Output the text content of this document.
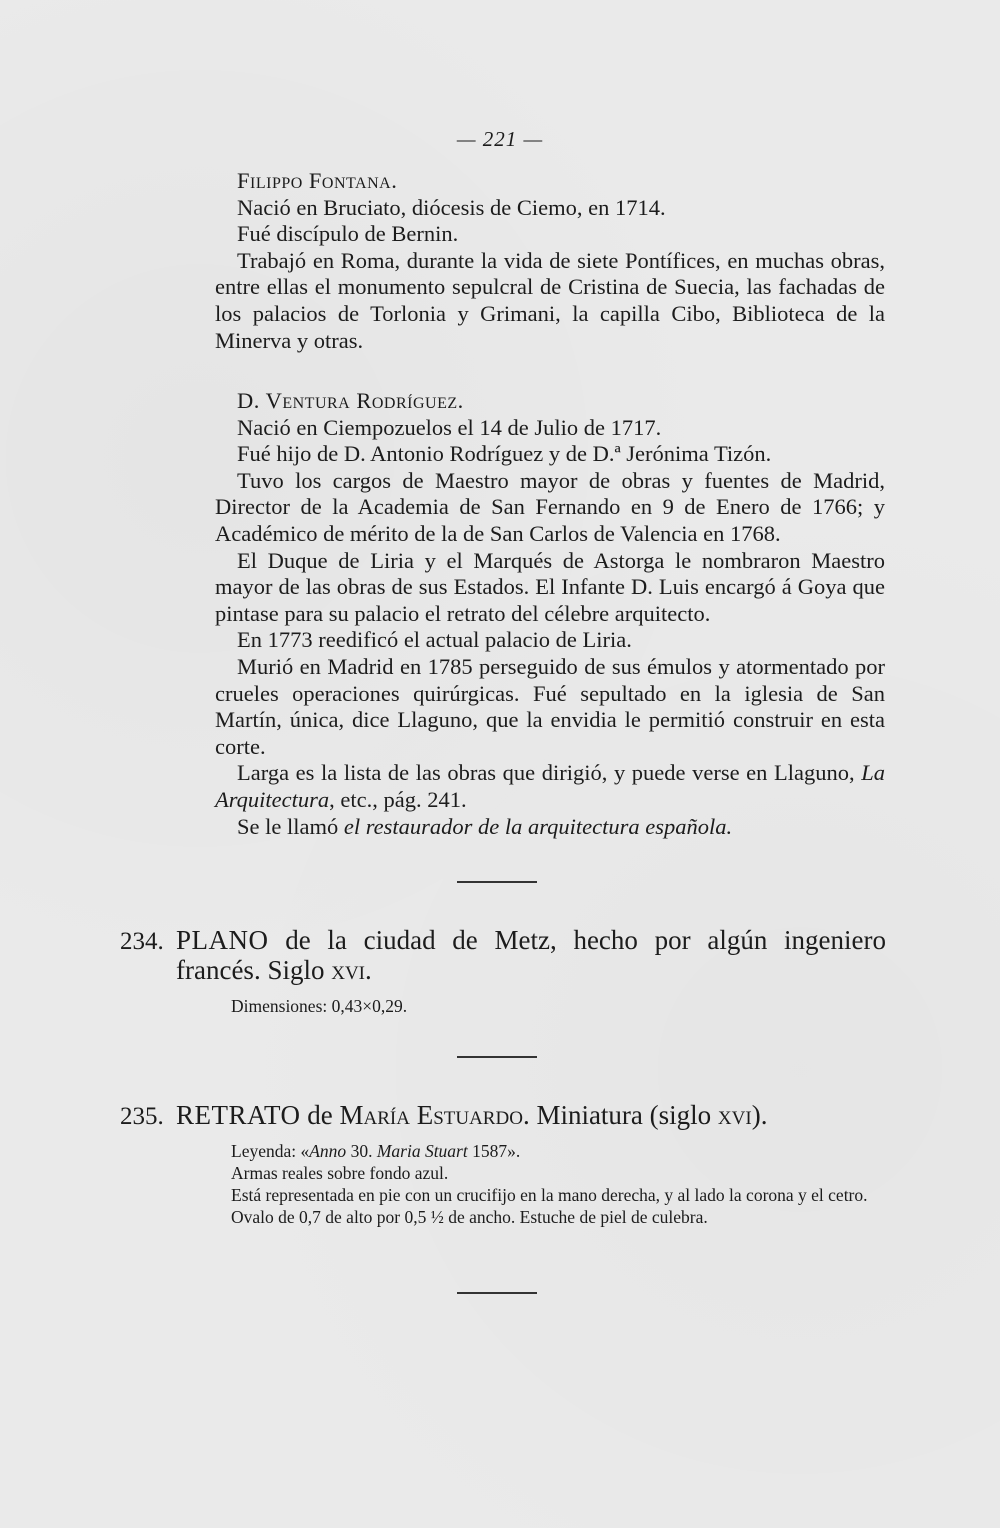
— 221 —

Filippo Fontana.

Nació en Bruciato, diócesis de Ciemo, en 1714.

Fué discípulo de Bernin.

Trabajó en Roma, durante la vida de siete Pontífices, en muchas obras, entre ellas el monumento sepulcral de Cristina de Suecia, las fachadas de los palacios de Torlonia y Grimani, la capilla Cibo, Biblioteca de la Minerva y otras.

D. Ventura Rodríguez.

Nació en Ciempozuelos el 14 de Julio de 1717.

Fué hijo de D. Antonio Rodríguez y de D.ª Jerónima Tizón.

Tuvo los cargos de Maestro mayor de obras y fuentes de Madrid, Director de la Academia de San Fernando en 9 de Enero de 1766; y Académico de mérito de la de San Carlos de Valencia en 1768.

El Duque de Liria y el Marqués de Astorga le nombraron Maestro mayor de las obras de sus Estados. El Infante D. Luis encargó á Goya que pintase para su palacio el retrato del célebre arquitecto.

En 1773 reedificó el actual palacio de Liria.

Murió en Madrid en 1785 perseguido de sus émulos y atormentado por crueles operaciones quirúrgicas. Fué sepultado en la iglesia de San Martín, única, dice Llaguno, que la envidia le permitió construir en esta corte.

Larga es la lista de las obras que dirigió, y puede verse en Llaguno, La Arquitectura, etc., pág. 241.

Se le llamó el restaurador de la arquitectura española.

234. PLANO de la ciudad de Metz, hecho por algún ingeniero francés. Siglo xvi.

Dimensiones: 0,43×0,29.

235. RETRATO de María Estuardo. Miniatura (siglo xvi).

Leyenda: «Anno 30. Maria Stuart 1587».

Armas reales sobre fondo azul.

Está representada en pie con un crucifijo en la mano derecha, y al lado la corona y el cetro.

Ovalo de 0,7 de alto por 0,5 ½ de ancho. Estuche de piel de culebra.
